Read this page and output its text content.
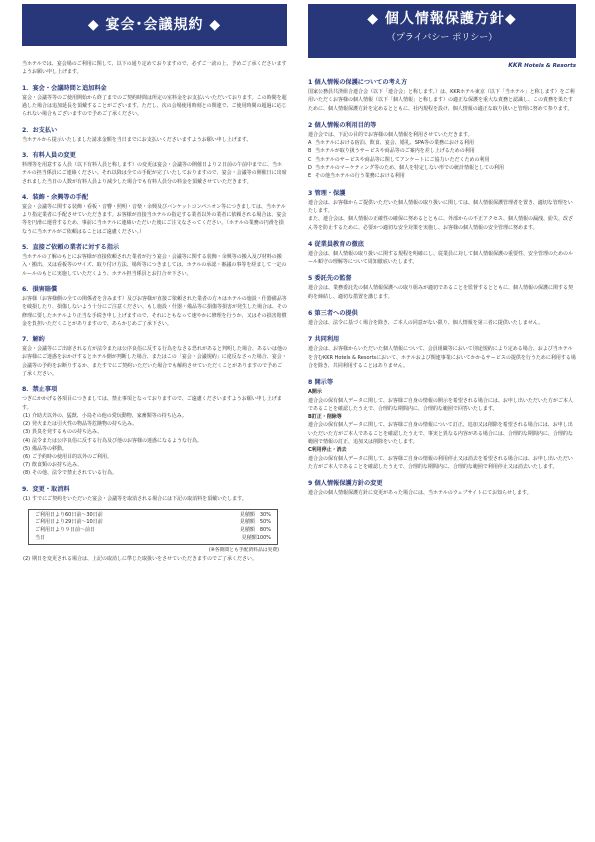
◆ 宴会･会議規約 ◆

当ホテルでは、宴会場のご利用に関して、以下の通り定めておりますので、必ずご一読の上、予めご了承くださいますようお願い申し上げます。

1．宴会・会議時間と追加料金

宴会・会議等等のご使用開始から終了までのご契約時間は所定の室料金をお支払いいただいております。この時間を超過した場合は追加延長を頂戴することがございます。ただし、次の会場使用時刻との関連で、ご使用時間の超過に応じられない場合もございますので予めご了承ください。

2．お支払い

当ホテルから提示いたしました請求金額を当日までにお支払いくださいますようお願い申し上げます。

3．有料人員の変更

料理等を用意する人員（以下有料人員と称します）の変更は宴会・会議等の開催日より２日前の午前中までに、当ホテルの担当係員にご連絡ください。それ以降は全ての手配が完了いたしておりますので、宴会・会議等の開催日に出席されました当日の人数が有料人員より減少した場合でも有料人員分の料金を頂戴させていただきます。

4．装飾・余興等の手配

宴会・会議等に関する装飾・看板・音響・照明・音楽・余興及びバンケットコンパニオン等につきましては、当ホテルより指定業者に手配させていただきます。お客様が直接当ホテルの指定する業者以外の業者に依頼される場合は、宴会等を円滑に運営するため、事前に当ホテルに連絡いただいた後にご注文なさってください。（ホテルの業務の円滑を損なうに当ホテルがご依頼はることはご遠慮ください。）

5．直接ご依頼の業者に対する指示

当ホテルの了解のもとにお客様が直接依頼された業者が行う宴会・会議等に関する装飾・余興等の搬入及び材料の搬入・搬出、又は看板等のサイズ、取り付け方法、場所等につきましては、ホテルの承認・審議の事等を経まして一定のルールのもとに実施していただくよう、ホテル担当係員とお打合せ下さい。

6．損害賠償

お客様（お客様側の全ての関係者を含みます）及びお客様が直接ご依頼された業者の方々はホテルの施設・什器備品等を破損したり、損傷しないよう十分にご注意ください。もし施設・什器・備品等に損傷等損害が発生した場合は、その修理に要したホテルより正当な手続き申し上げますので、それにともなって速やかに修理を行うか、又はその損害賠償金を負担いただくことがありますので、あらかじめご了承下さい。

7．解約

宴会・会議等にご出席される方が法令または公序良俗に反する行為をなさる恐れがあると判明した場合、あるいは他のお客様にご迷惑をおかけするとホテル側が判断した場合、またはこの「宴会・会議規約」に違反なさった場合、宴会・会議等の予約をお断りするか、またすでにご契約いただいた場合でも解約させていただくことがありますので予めご了承ください。

8．禁止事項

つぎにかかげる各項目につきましては、禁止事項となっておりますので、ご遠慮くださいますようお願い申し上げます。

(1) 介助犬以外の、猛獣、小鳥その他の愛玩動物、家畜類等の持ち込み。
(2) 発火または引火性の物品等危険物の持ち込み。
(3) 異臭を発するものの持ち込み。
(4) 法令または公序良俗に反する行為及び他のお客様の迷惑になるような行為。
(5) 備品等の移動。
(6) ご予約時の使用目的以外のご利用。
(7) 飲食類のお持ち込み。
(8) その他、法令で禁止されている行為。
9．変更・取消料
(1) すでにご契約をいただいた宴会・会議等を取消される場合には下記の取消料を頂戴いたします。
ご利用日より60日前〜30日前	見積額　30%
ご利用日より29日前〜10日前	見積額　50%
ご利用日より９日前〜前日	見積額　80%
当日	見積額100%
(※各期間とも手配済料品は実費)
(2) 期日を変更される場合は、上記の取消しに準じた取扱いをさせていただきますのでご了承ください。
◆ 個人情報保護方針◆
（プライバシー ポリシー）
KKR Hotels & Resorts
1 個人情報の保護についての考え方

国家公務員共済組合連合会（以下「連合会」と称します。）は、KKRホテル東京（以下「当ホテル」と称します）をご利用いただくお客様の個人情報（以下「個人情報」と称します）の適正な保護を重大な責務と認識し、この責務を果たすために、個人情報保護方針を定めるとともに、社内規程を設け、個人情報の適正な取り扱いと管理に努めて参ります。

2 個人情報の利用目的等

連合会では、下記の目的でお客様の個人情報を利用させていただきます。

A 当ホテルにおける宿泊、飲食、宴会、婚礼、SPA等の業務における利用
B 当ホテルが取り扱うサービスや商品等のご案内を差し上げるための利用
C 当ホテルのサービスや商品等に関してアンケートにご協力いただくための利用
D 当ホテルのマーケティング等のため、個人を特定しない形での統計情報としての利用
E その他当ホテルの行う業務における利用
3 管理・保護

連合会は、お客様からご提供いただいた個人情報の取り扱いに関しては、個人情報保護管理者を置き、適切な管理をいたします。
また、連合会は、個人情報の正確性の確保に努めるとともに、外部からの不正アクセス、個人情報の漏洩、紛失、改ざん等を防止するために、必要かつ適切な安全対策を実施し、お客様の個人情報の安全管理に努めます。

4 従業員教育の徹底

連合会は、個人情報の取り扱いに関する規程を明確にし、従業員に対して個人情報保護の重要性、安全管理のためのルール順守の理解等について周知徹底いたします。

5 委託先の監督

連合会は、業務委託先の個人情報保護への取り組みが適切であることを監督するとともに、個人情報の保護に関する契約を締結し、適切な措置を講じます。

6 第三者への提供

連合会は、法令に基づく場合を除き、ご本人の同意がない限り、個人情報を第三者に提供いたしません。

7 共同利用

連合会は、お客様からいただいた個人情報について、会員組織等において別途規約により定める場合、および当ホテルを含むKKR Hotels & Resortsにおいて、ホテルおよび関連事業においてかかるサービスの提供を行うために利用する場合を除き、共同利用することはありません。

8 開示等

A開示

連合会の保有個人データに関して、お客様ご自身の情報の開示を希望される場合には、お申し出いただいた方がご本人であることを確認したうえで、合理的な期間内に、合理的な範囲で回答いたします。

B訂正・削除等

連合会の保有個人データに関して、お客様ご自身の情報について訂正、追加又は削除を希望される場合には、お申し出いただいた方がご本人であることを確認したうえで、事実と異なる内容がある場合には、合理的な期間内に、合理的な範囲で情報の訂正、追加又は削除をいたします。

C利用停止・消去

連合会の保有個人データに関して、お客様ご自身の情報の利用停止又は消去を希望される場合には、お申し出いただいた方がご本人であることを確認したうえで、合理的な期間内に、合理的な範囲で利用停止又は消去いたします。

9 個人情報保護方針の変更

連合会の個人情報保護方針に変更があった場合には、当ホテルのウェブサイトにてお知らせします。
